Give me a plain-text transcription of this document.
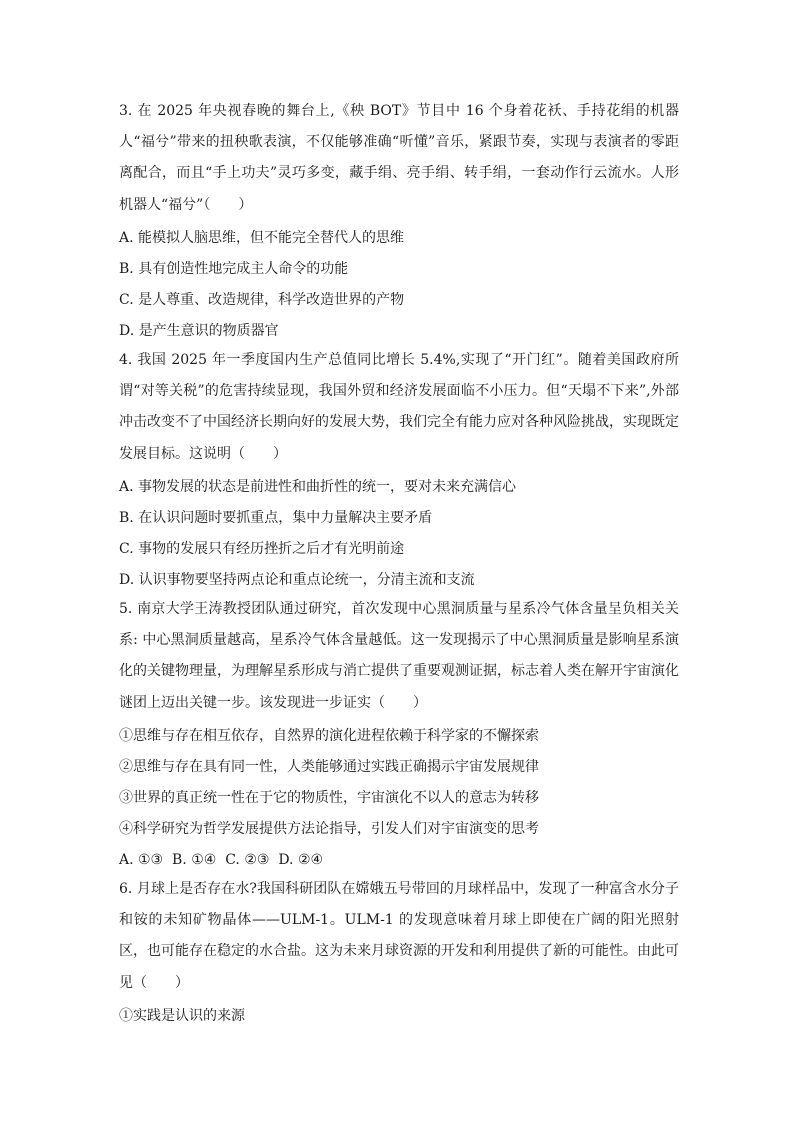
3. 在 2025 年央视春晚的舞台上,《秧 BOT》节目中 16 个身着花袄、手持花绢的机器人“福兮”带来的扭秧歌表演，不仅能够准确“听懂”音乐，紧跟节奏，实现与表演者的零距离配合，而且“手上功夫”灵巧多变，藏手绢、亮手绢、转手绢，一套动作行云流水。人形机器人“福兮”（　　）
A. 能模拟人脑思维，但不能完全替代人的思维
B. 具有创造性地完成主人命令的功能
C. 是人尊重、改造规律，科学改造世界的产物
D. 是产生意识的物质器官
4. 我国 2025 年一季度国内生产总值同比增长 5.4%,实现了“开门红”。随着美国政府所谓“对等关税”的危害持续显现，我国外贸和经济发展面临不小压力。但“天塌不下来”,外部冲击改变不了中国经济长期向好的发展大势，我们完全有能力应对各种风险挑战，实现既定发展目标。这说明（　　）
A. 事物发展的状态是前进性和曲折性的统一，要对未来充满信心
B. 在认识问题时要抓重点，集中力量解决主要矛盾
C. 事物的发展只有经历挫折之后才有光明前途
D. 认识事物要坚持两点论和重点论统一，分清主流和支流
5. 南京大学王涛教授团队通过研究，首次发现中心黑洞质量与星系冷气体含量呈负相关关系: 中心黑洞质量越高，星系冷气体含量越低。这一发现揭示了中心黑洞质量是影响星系演化的关键物理量，为理解星系形成与消亡提供了重要观测证据，标志着人类在解开宇宙演化谜团上迈出关键一步。该发现进一步证实（　　）
①思维与存在相互依存，自然界的演化进程依赖于科学家的不懈探索
②思维与存在具有同一性，人类能够通过实践正确揭示宇宙发展规律
③世界的真正统一性在于它的物质性，宇宙演化不以人的意志为转移
④科学研究为哲学发展提供方法论指导，引发人们对宇宙演变的思考
A. ①③  B. ①④  C. ②③  D. ②④
6. 月球上是否存在水?我国科研团队在嫦娥五号带回的月球样品中，发现了一种富含水分子和铵的未知矿物晶体——ULM-1。ULM-1 的发现意味着月球上即使在广阔的阳光照射区，也可能存在稳定的水合盐。这为未来月球资源的开发和利用提供了新的可能性。由此可见（　　）
①实践是认识的来源
